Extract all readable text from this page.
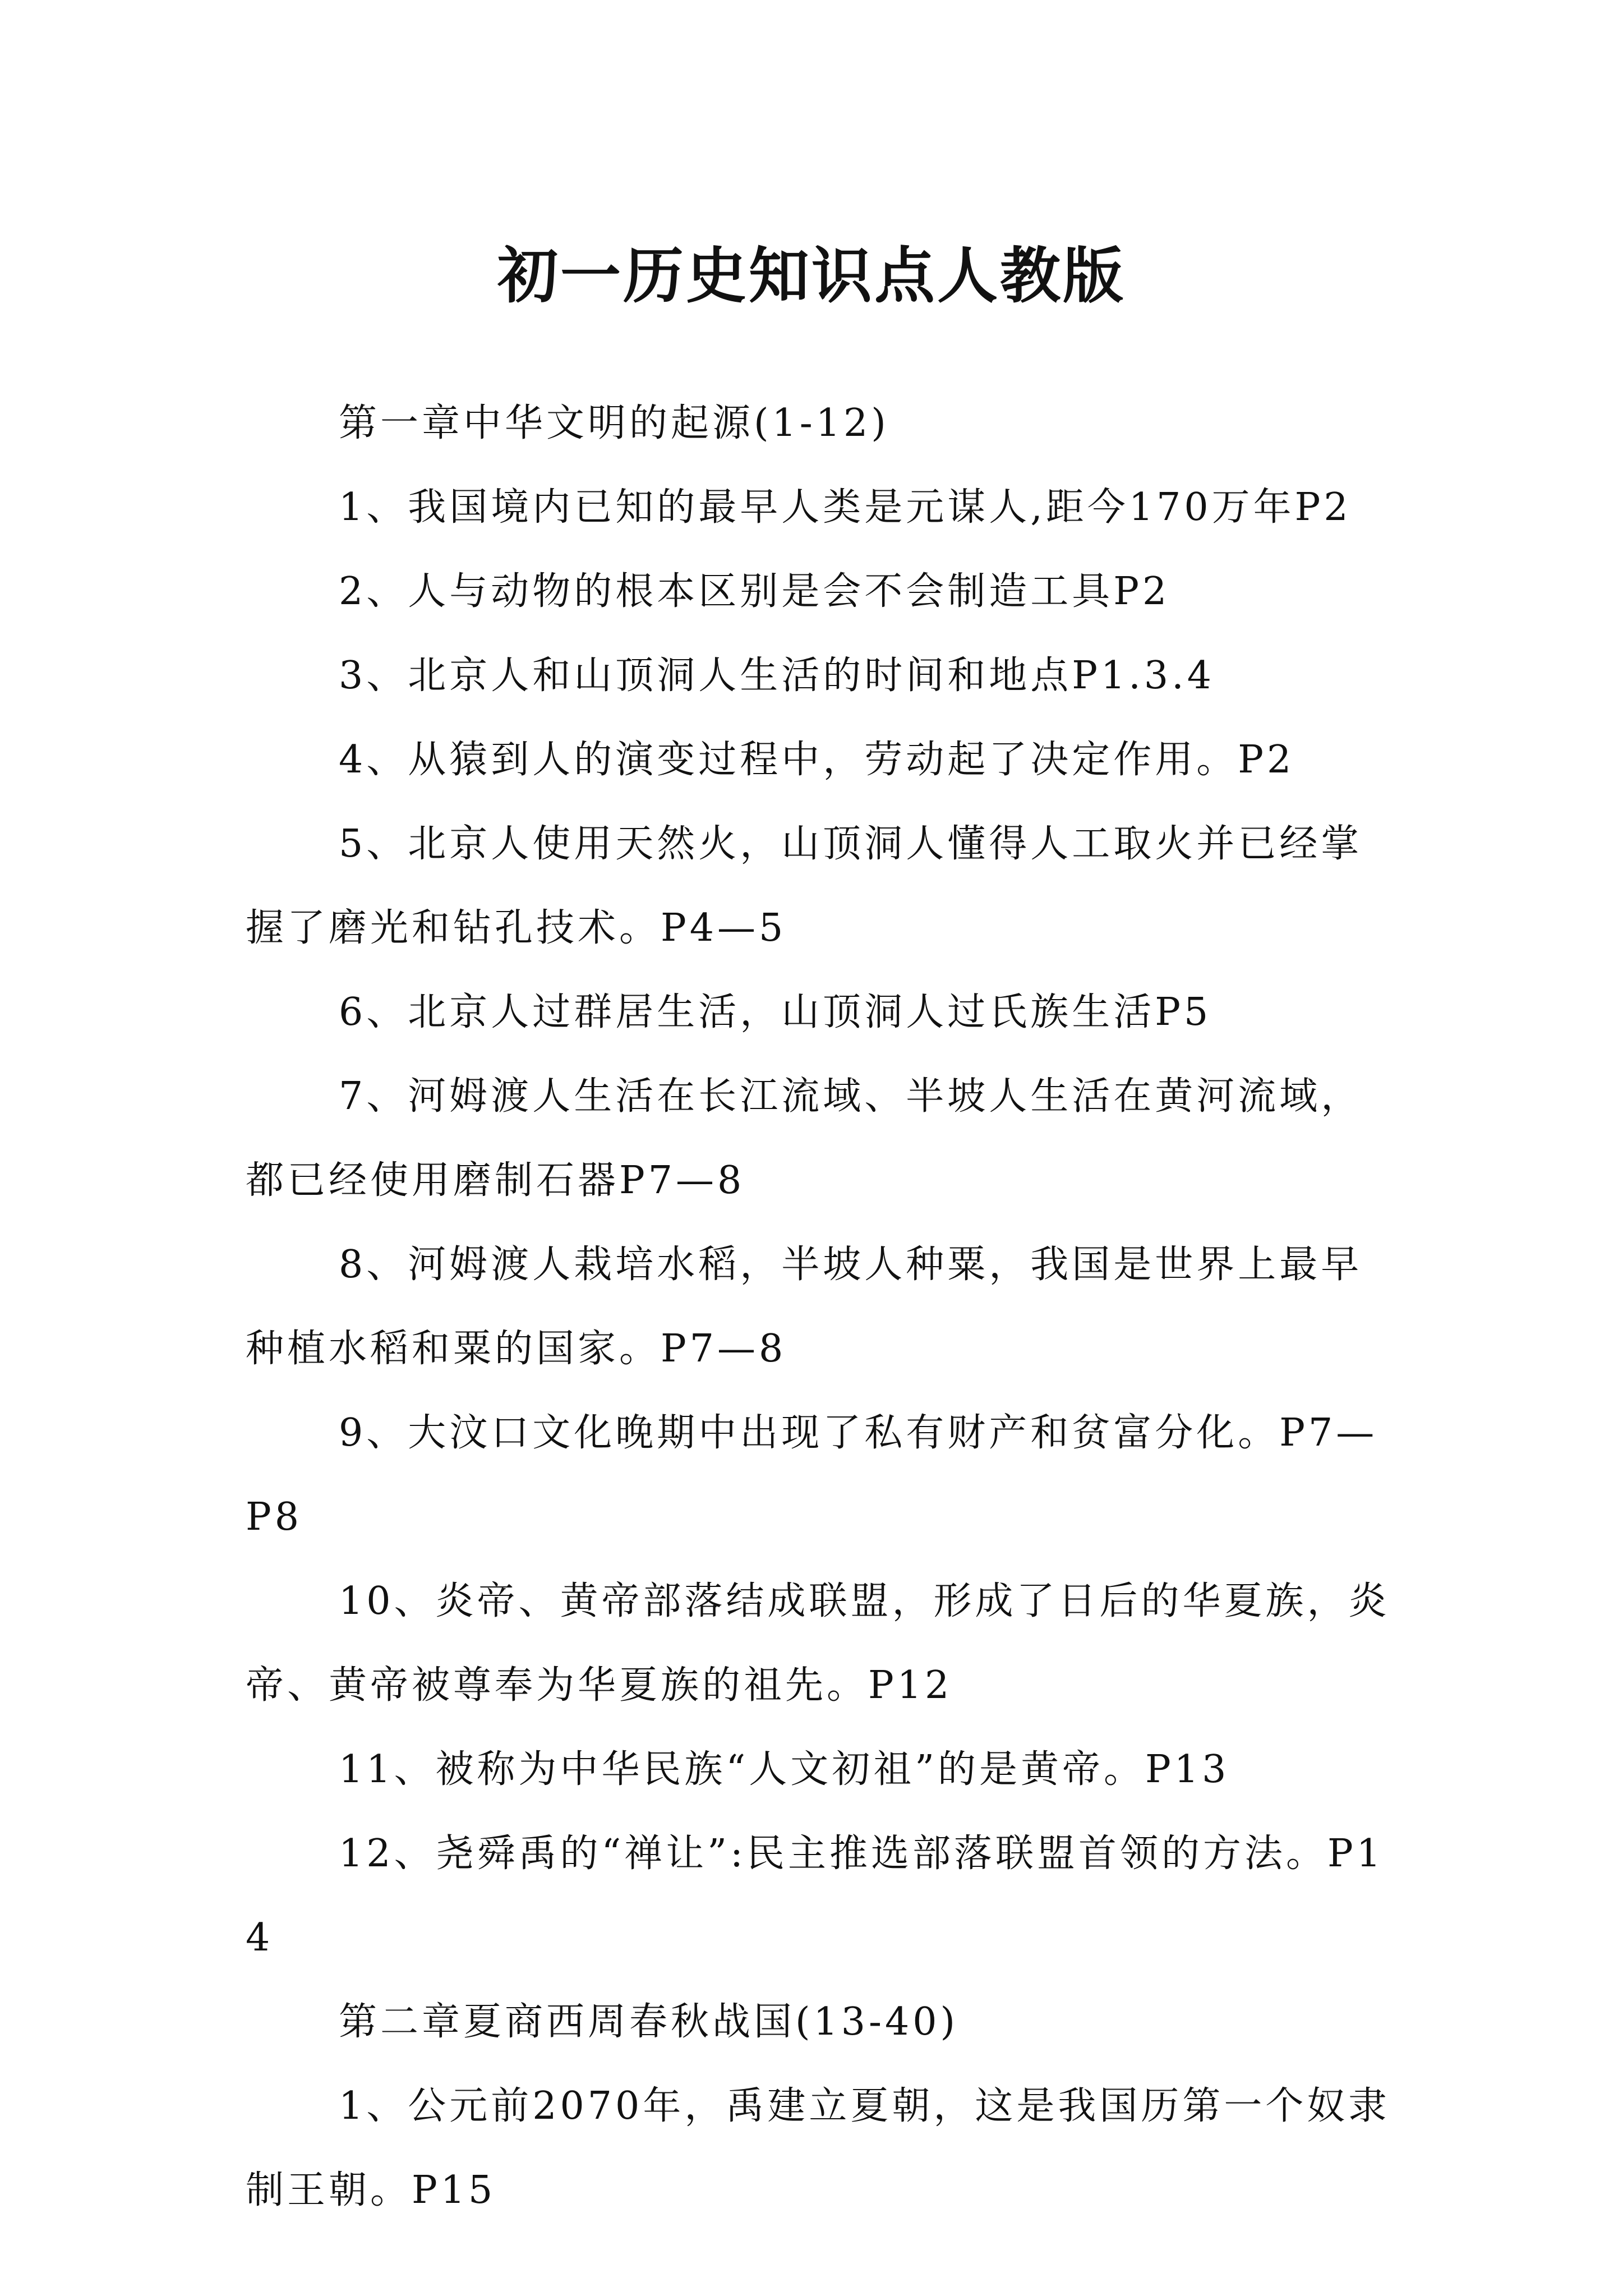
初一历史知识点人教版

第一章中华文明的起源(1-12)

1、我国境内已知的最早人类是元谋人,距今170万年P2

2、人与动物的根本区别是会不会制造工具P2

3、北京人和山顶洞人生活的时间和地点P1.3.4

4、从猿到人的演变过程中，劳动起了决定作用。P2

5、北京人使用天然火，山顶洞人懂得人工取火并已经掌握了磨光和钻孔技术。P4—5

6、北京人过群居生活，山顶洞人过氏族生活P5

7、河姆渡人生活在长江流域、半坡人生活在黄河流域，都已经使用磨制石器P7—8

8、河姆渡人栽培水稻，半坡人种粟，我国是世界上最早种植水稻和粟的国家。P7—8

9、大汶口文化晚期中出现了私有财产和贫富分化。P7—P8

10、炎帝、黄帝部落结成联盟，形成了日后的华夏族，炎帝、黄帝被尊奉为华夏族的祖先。P12

11、被称为中华民族“人文初祖”的是黄帝。P13

12、尧舜禹的“禅让”:民主推选部落联盟首领的方法。P14

第二章夏商西周春秋战国(13-40)

1、公元前2070年，禹建立夏朝，这是我国历第一个奴隶制王朝。P15
